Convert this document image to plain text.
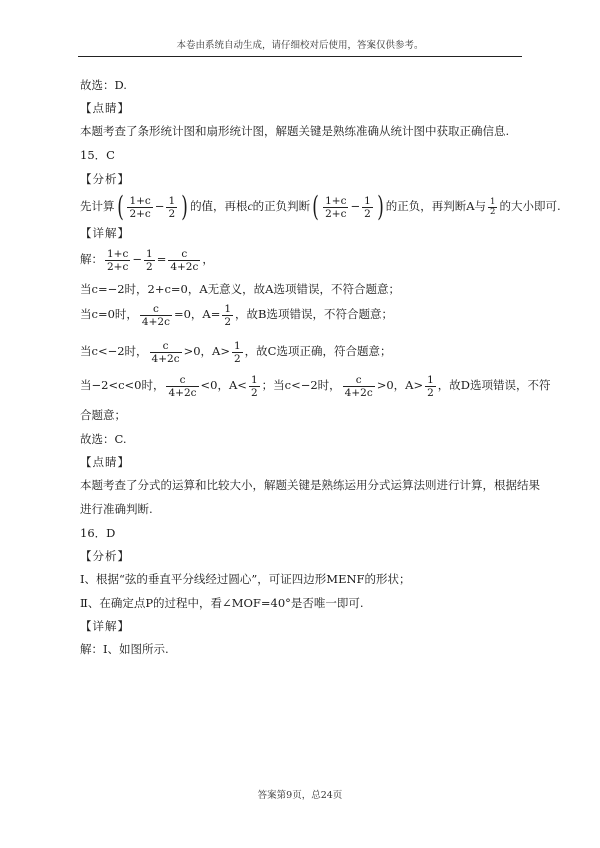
本卷由系统自动生成，请仔细校对后使用，答案仅供参考。
故选：D.
【点睛】
本题考查了条形统计图和扇形统计图，解题关键是熟练准确从统计图中获取正确信息.
15．C
【分析】
先计算( $\frac{1+c}{2+c} - \frac{1}{2}$ ) 的值，再根c的正负判断( $\frac{1+c}{2+c} - \frac{1}{2}$ ) 的正负，再判断A与 $\frac{1}{2}$ 的大小即可.
【详解】
解： $\frac{1+c}{2+c} - \frac{1}{2} = \frac{c}{4+2c}$ ，
当c=−2时，2+c=0，A无意义，故A选项错误，不符合题意；
当c=0时， $\frac{c}{4+2c} =0$，$A= \frac{1}{2}$ ，故B选项错误，不符合题意；
当c<−2时， $\frac{c}{4+2c} >0$，$A> \frac{1}{2}$ ，故C选项正确，符合题意；
当−2<c<0时， $\frac{c}{4+2c} <0$，$A< \frac{1}{2}$ ；当c<−2时， $\frac{c}{4+2c} >0$，$A> \frac{1}{2}$ ，故D选项错误，不符
合题意；
故选：C.
【点睛】
本题考查了分式的运算和比较大小，解题关键是熟练运用分式运算法则进行计算，根据结果
进行准确判断.
16．D
【分析】
Ⅰ、根据“弦的垂直平分线经过圆心”，可证四边形MENF的形状；
Ⅱ、在确定点P的过程中，看∠MOF=40°是否唯一即可.
【详解】
解：Ⅰ、如图所示.
答案第9页，总24页
